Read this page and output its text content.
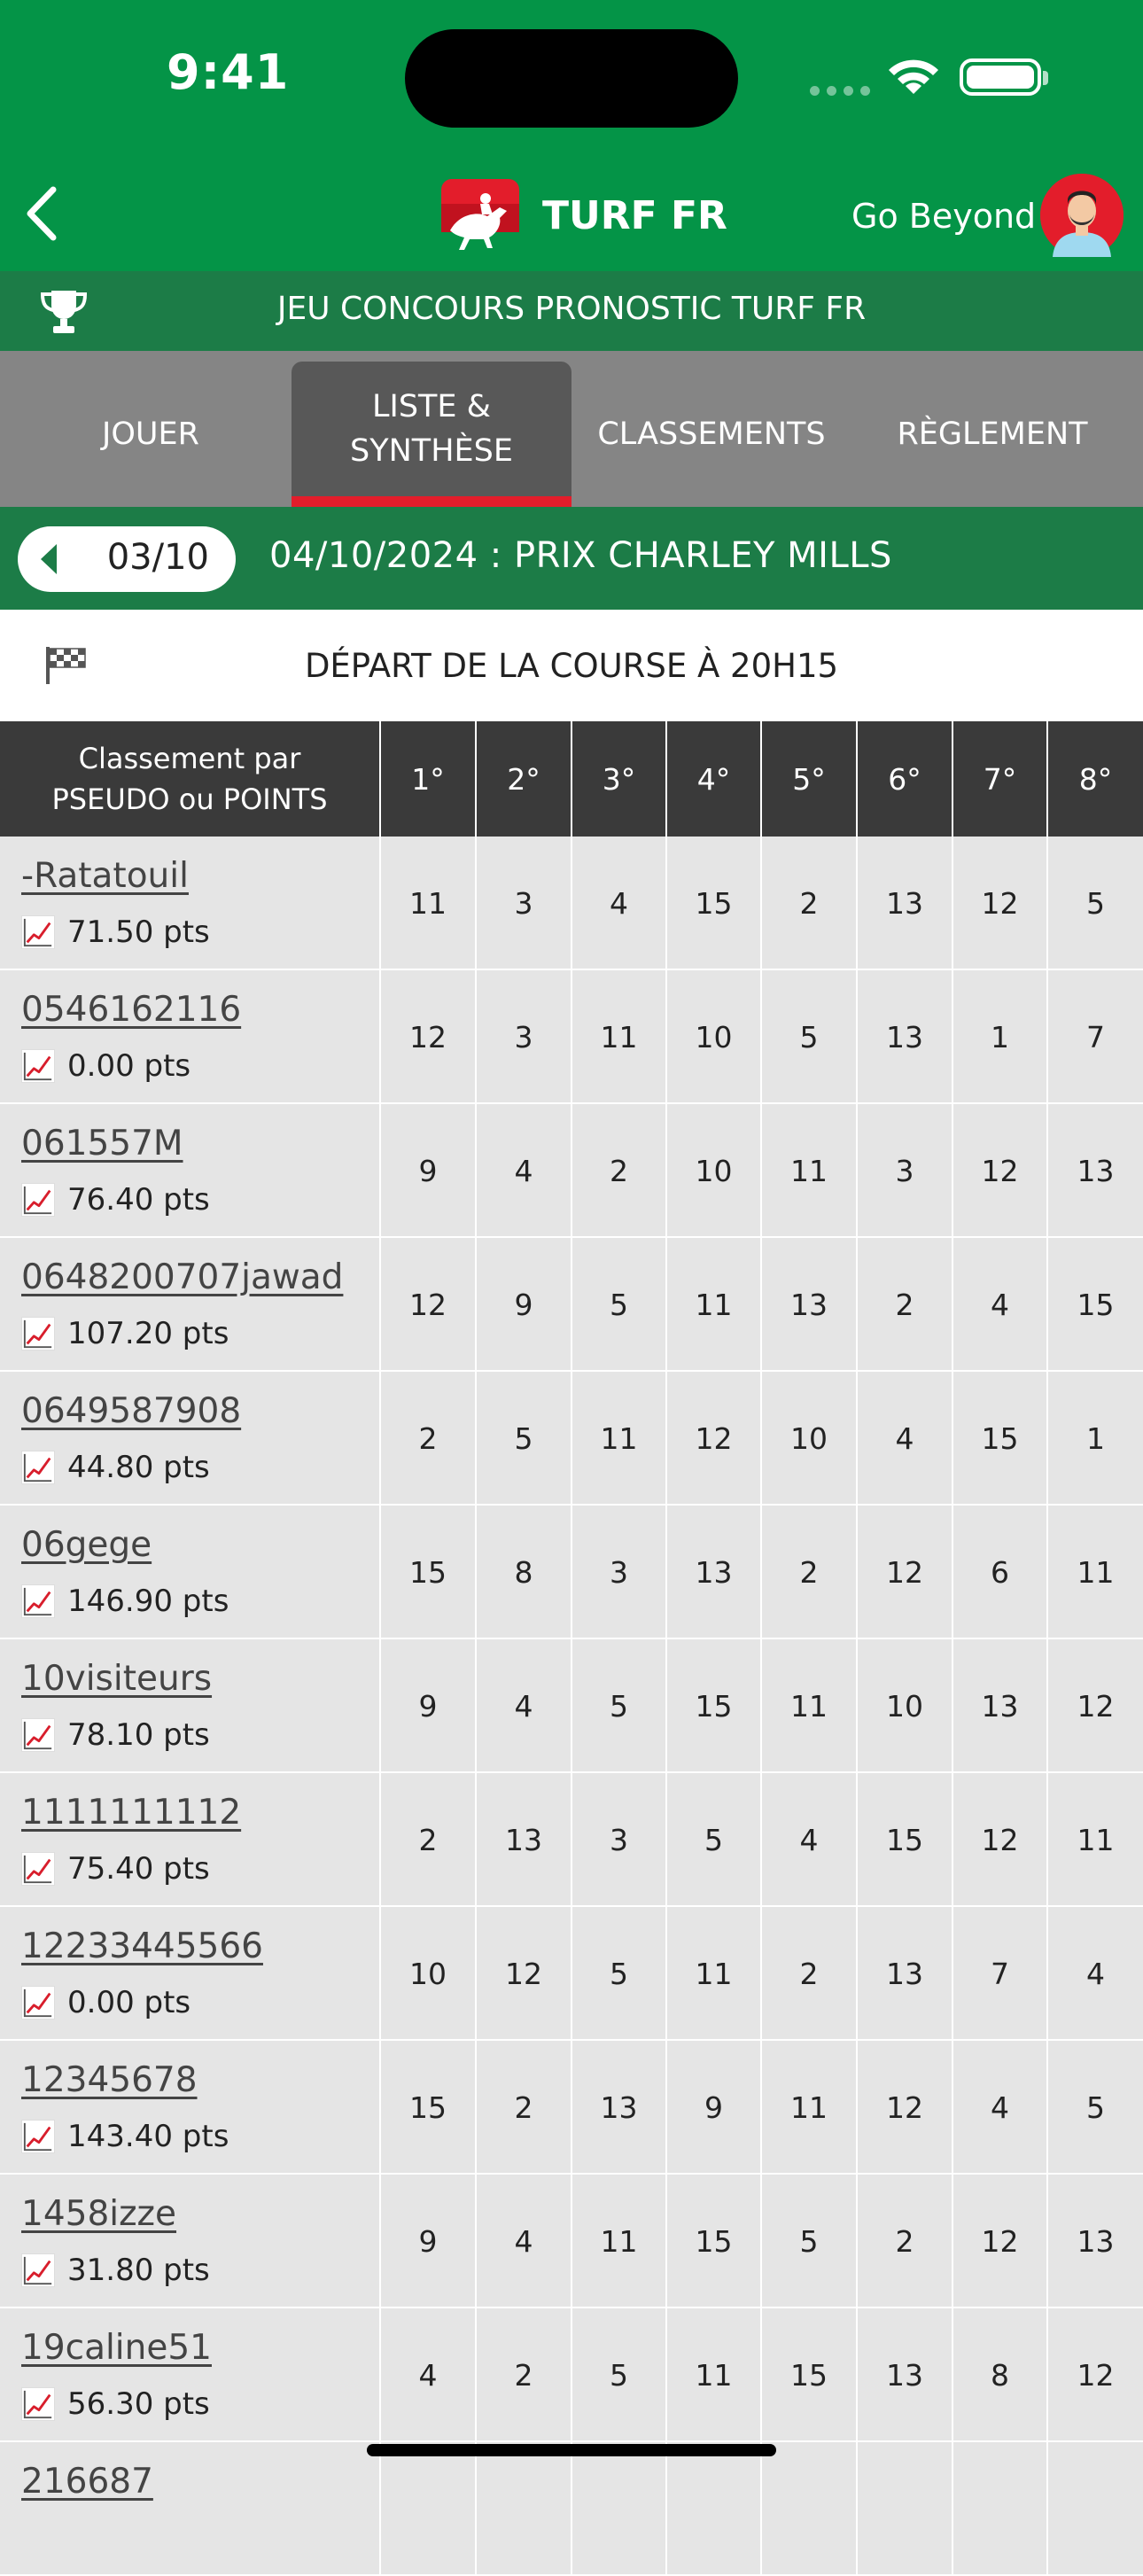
9:41
TURF FR	Go Beyond
JEU CONCOURS PRONOSTIC TURF FR
JOUER
LISTE & SYNTHÈSE	CLASSEMENTS RÈGLEMENT
03/10 04/10/2024 : PRIX CHARLEY MILLS
DÉPART DE LA COURSE À 20H15
Classement par PSEUDO ou POINTS
1°	2°	3°	4°	5°	6°	7°	8°
-Ratatouil
71.50 pts
11	3	4	15	2	13	12	5
0546162116
0.00 pts
12	3	11	10	5	13	1	7
061557M
76.40 pts
9	4	2	10	11	3	12	13
0648200707jawad
107.20 pts
12	9	5	11	13	2	4	15
0649587908
44.80 pts
2	5	11	12	10	4	15	1
06gege
146.90 pts
15	8	3	13	2	12	6	11
10visiteurs
78.10 pts
9	4	5	15	11	10	13	12
1111111112
75.40 pts
2	13	3	5	4	15	12	11
12233445566
0.00 pts
10	12	5	11	2	13	7	4
12345678
143.40 pts
15	2	13	9	11	12	4	5
1458izze
31.80 pts
9	4	11	15	5	2	12	13
19caline51
56.30 pts
4	2	5	11	15	13	8	12
216687
